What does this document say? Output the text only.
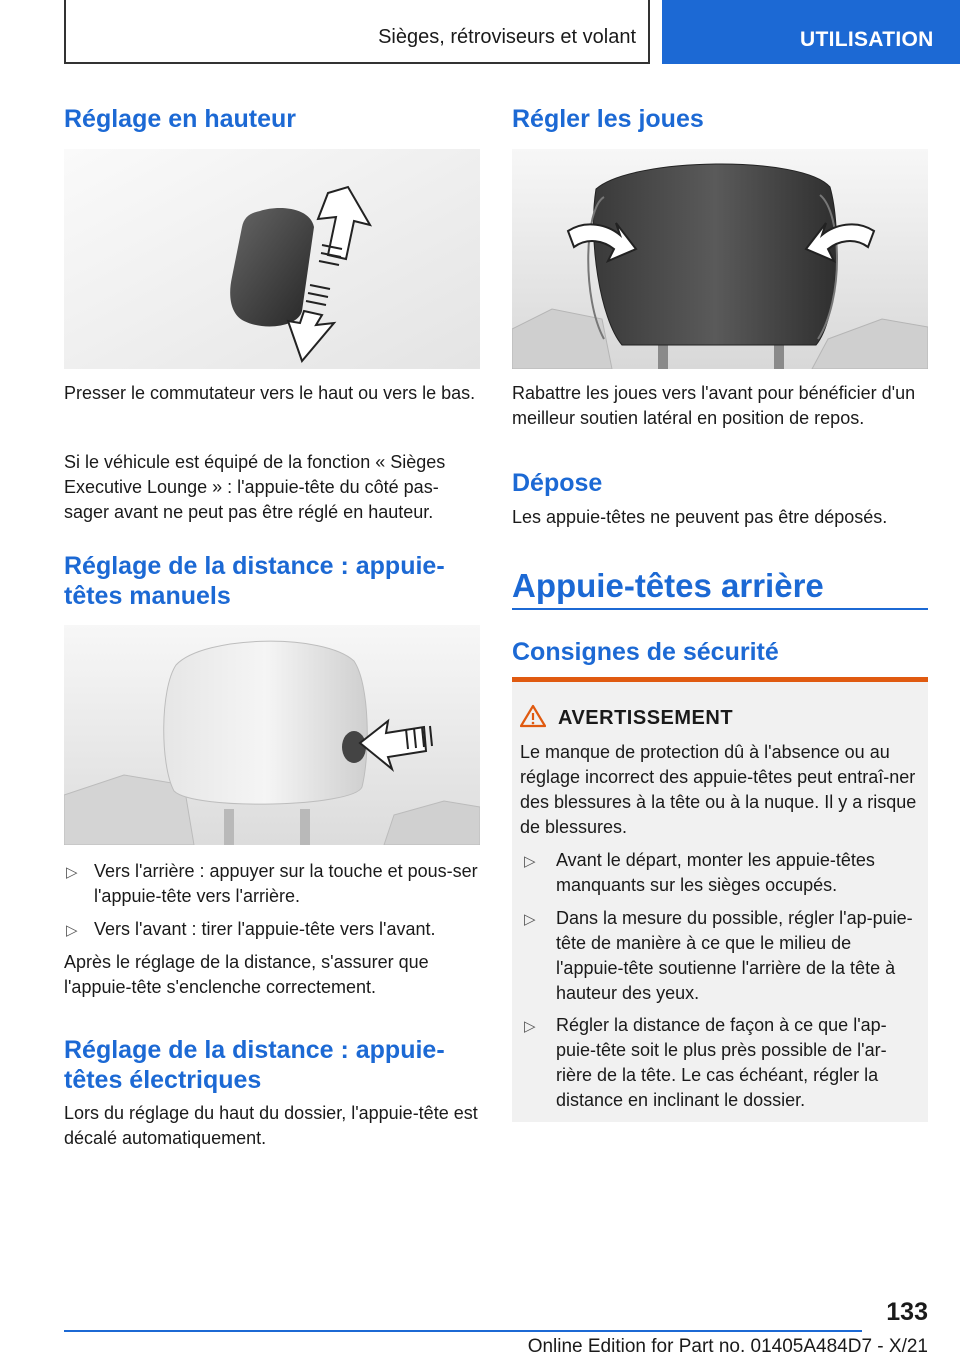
Sièges, rétroviseurs et volant	UTILISATION
Réglage en hauteur

Presser le commutateur vers le haut ou vers le bas.

Si le véhicule est équipé de la fonction « Sièges Executive Lounge » : l'appuie-tête du côté pas-sager avant ne peut pas être réglé en hauteur.

Réglage de la distance : appuie-têtes manuels
▷ Vers l'arrière : appuyer sur la touche et pous-ser l'appuie-tête vers l'arrière.
▷ Vers l'avant : tirer l'appuie-tête vers l'avant.

Après le réglage de la distance, s'assurer que l'appuie-tête s'enclenche correctement.

Réglage de la distance : appuie-têtes électriques

Lors du réglage du haut du dossier, l'appuie-tête est décalé automatiquement.

Régler les joues

Rabattre les joues vers l'avant pour bénéficier d'un meilleur soutien latéral en position de repos.

Dépose

Les appuie-têtes ne peuvent pas être déposés.

Appuie-têtes arrière
Consignes de sécurité
AVERTISSEMENT

Le manque de protection dû à l'absence ou au réglage incorrect des appuie-têtes peut entraî-ner des blessures à la tête ou à la nuque. Il y a risque de blessures.

▷ Avant le départ, monter les appuie-têtes manquants sur les sièges occupés.
▷ Dans la mesure du possible, régler l'ap-puie-tête de manière à ce que le milieu de l'appuie-tête soutienne l'arrière de la tête à hauteur des yeux.
▷ Régler la distance de façon à ce que l'ap-puie-tête soit le plus près possible de l'ar-rière de la tête. Le cas échéant, régler la distance en inclinant le dossier.
133
Online Edition for Part no. 01405A484D7 - X/21
